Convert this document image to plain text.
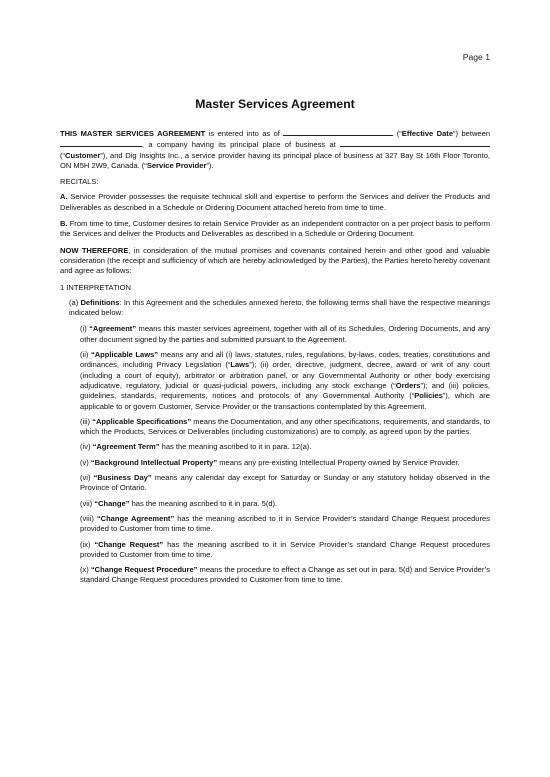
Page 1
Master Services Agreement

THIS MASTER SERVICES AGREEMENT is entered into as of	(“Effective Date”) between , a company having its principal place of business at  (“Customer”), and Dig Insights Inc., a service provider having its principal place of business at 327 Bay St 16th Floor Toronto, ON M5H 2W9, Canada. (“Service Provider”).

RECITALS:

A. Service Provider possesses the requisite technical skill and expertise to perform the Services and deliver the Products and Deliverables as described in a Schedule or Ordering Document attached hereto from time to time.

B. From time to time, Customer desires to retain Service Provider as an independent contractor on a per project basis to perform the Services and deliver the Products and Deliverables as described in a Schedule or Ordering Document.

NOW THEREFORE, in consideration of the mutual promises and covenants contained herein and other good and valuable consideration (the receipt and sufficiency of which are hereby acknowledged by the Parties), the Parties hereto hereby covenant and agree as follows:

1 INTERPRETATION

(a) Definitions: In this Agreement and the schedules annexed hereto, the following terms shall have the respective meanings indicated below:

(i) “Agreement” means this master services agreement, together with all of its Schedules, Ordering Documents, and any other document signed by the parties and submitted pursuant to the Agreement.

(ii) “Applicable Laws” means any and all (i) laws, statutes, rules, regulations, by-laws, codes, treaties, constitutions and ordinances, including Privacy Legislation (“Laws”); (ii) order, directive, judgment, decree, award or writ of any court (including a court of equity), arbitrator or arbitration panel, or any Governmental Authority or other body exercising adjudicative, regulatory, judicial or quasi-judicial powers, including any stock exchange (“Orders”); and (iii) policies, guidelines, standards, requirements, notices and protocols of any Governmental Authority (“Policies”), which are applicable to or govern Customer, Service Provider or the transactions contemplated by this Agreement.

(iii) “Applicable Specifications” means the Documentation, and any other specifications, requirements, and standards, to which the Products, Services or Deliverables (including customizations) are to comply, as agreed upon by the parties.

(iv) “Agreement Term” has the meaning ascribed to it in para. 12(a).

(v) “Background Intellectual Property” means any pre-existing Intellectual Property owned by Service Provider.

(vi) “Business Day” means any calendar day except for Saturday or Sunday or any statutory holiday observed in the Province of Ontario.

(vii) “Change” has the meaning ascribed to it in para. 5(d).

(viii) “Change Agreement” has the meaning ascribed to it in Service Provider’s standard Change Request procedures provided to Customer from time to time.

(ix) “Change Request” has the meaning ascribed to it in Service Provider’s standard Change Request procedures provided to Customer from time to time.

(x) “Change Request Procedure” means the procedure to effect a Change as set out in para. 5(d) and Service Provider’s standard Change Request procedures provided to Customer from time to time.
